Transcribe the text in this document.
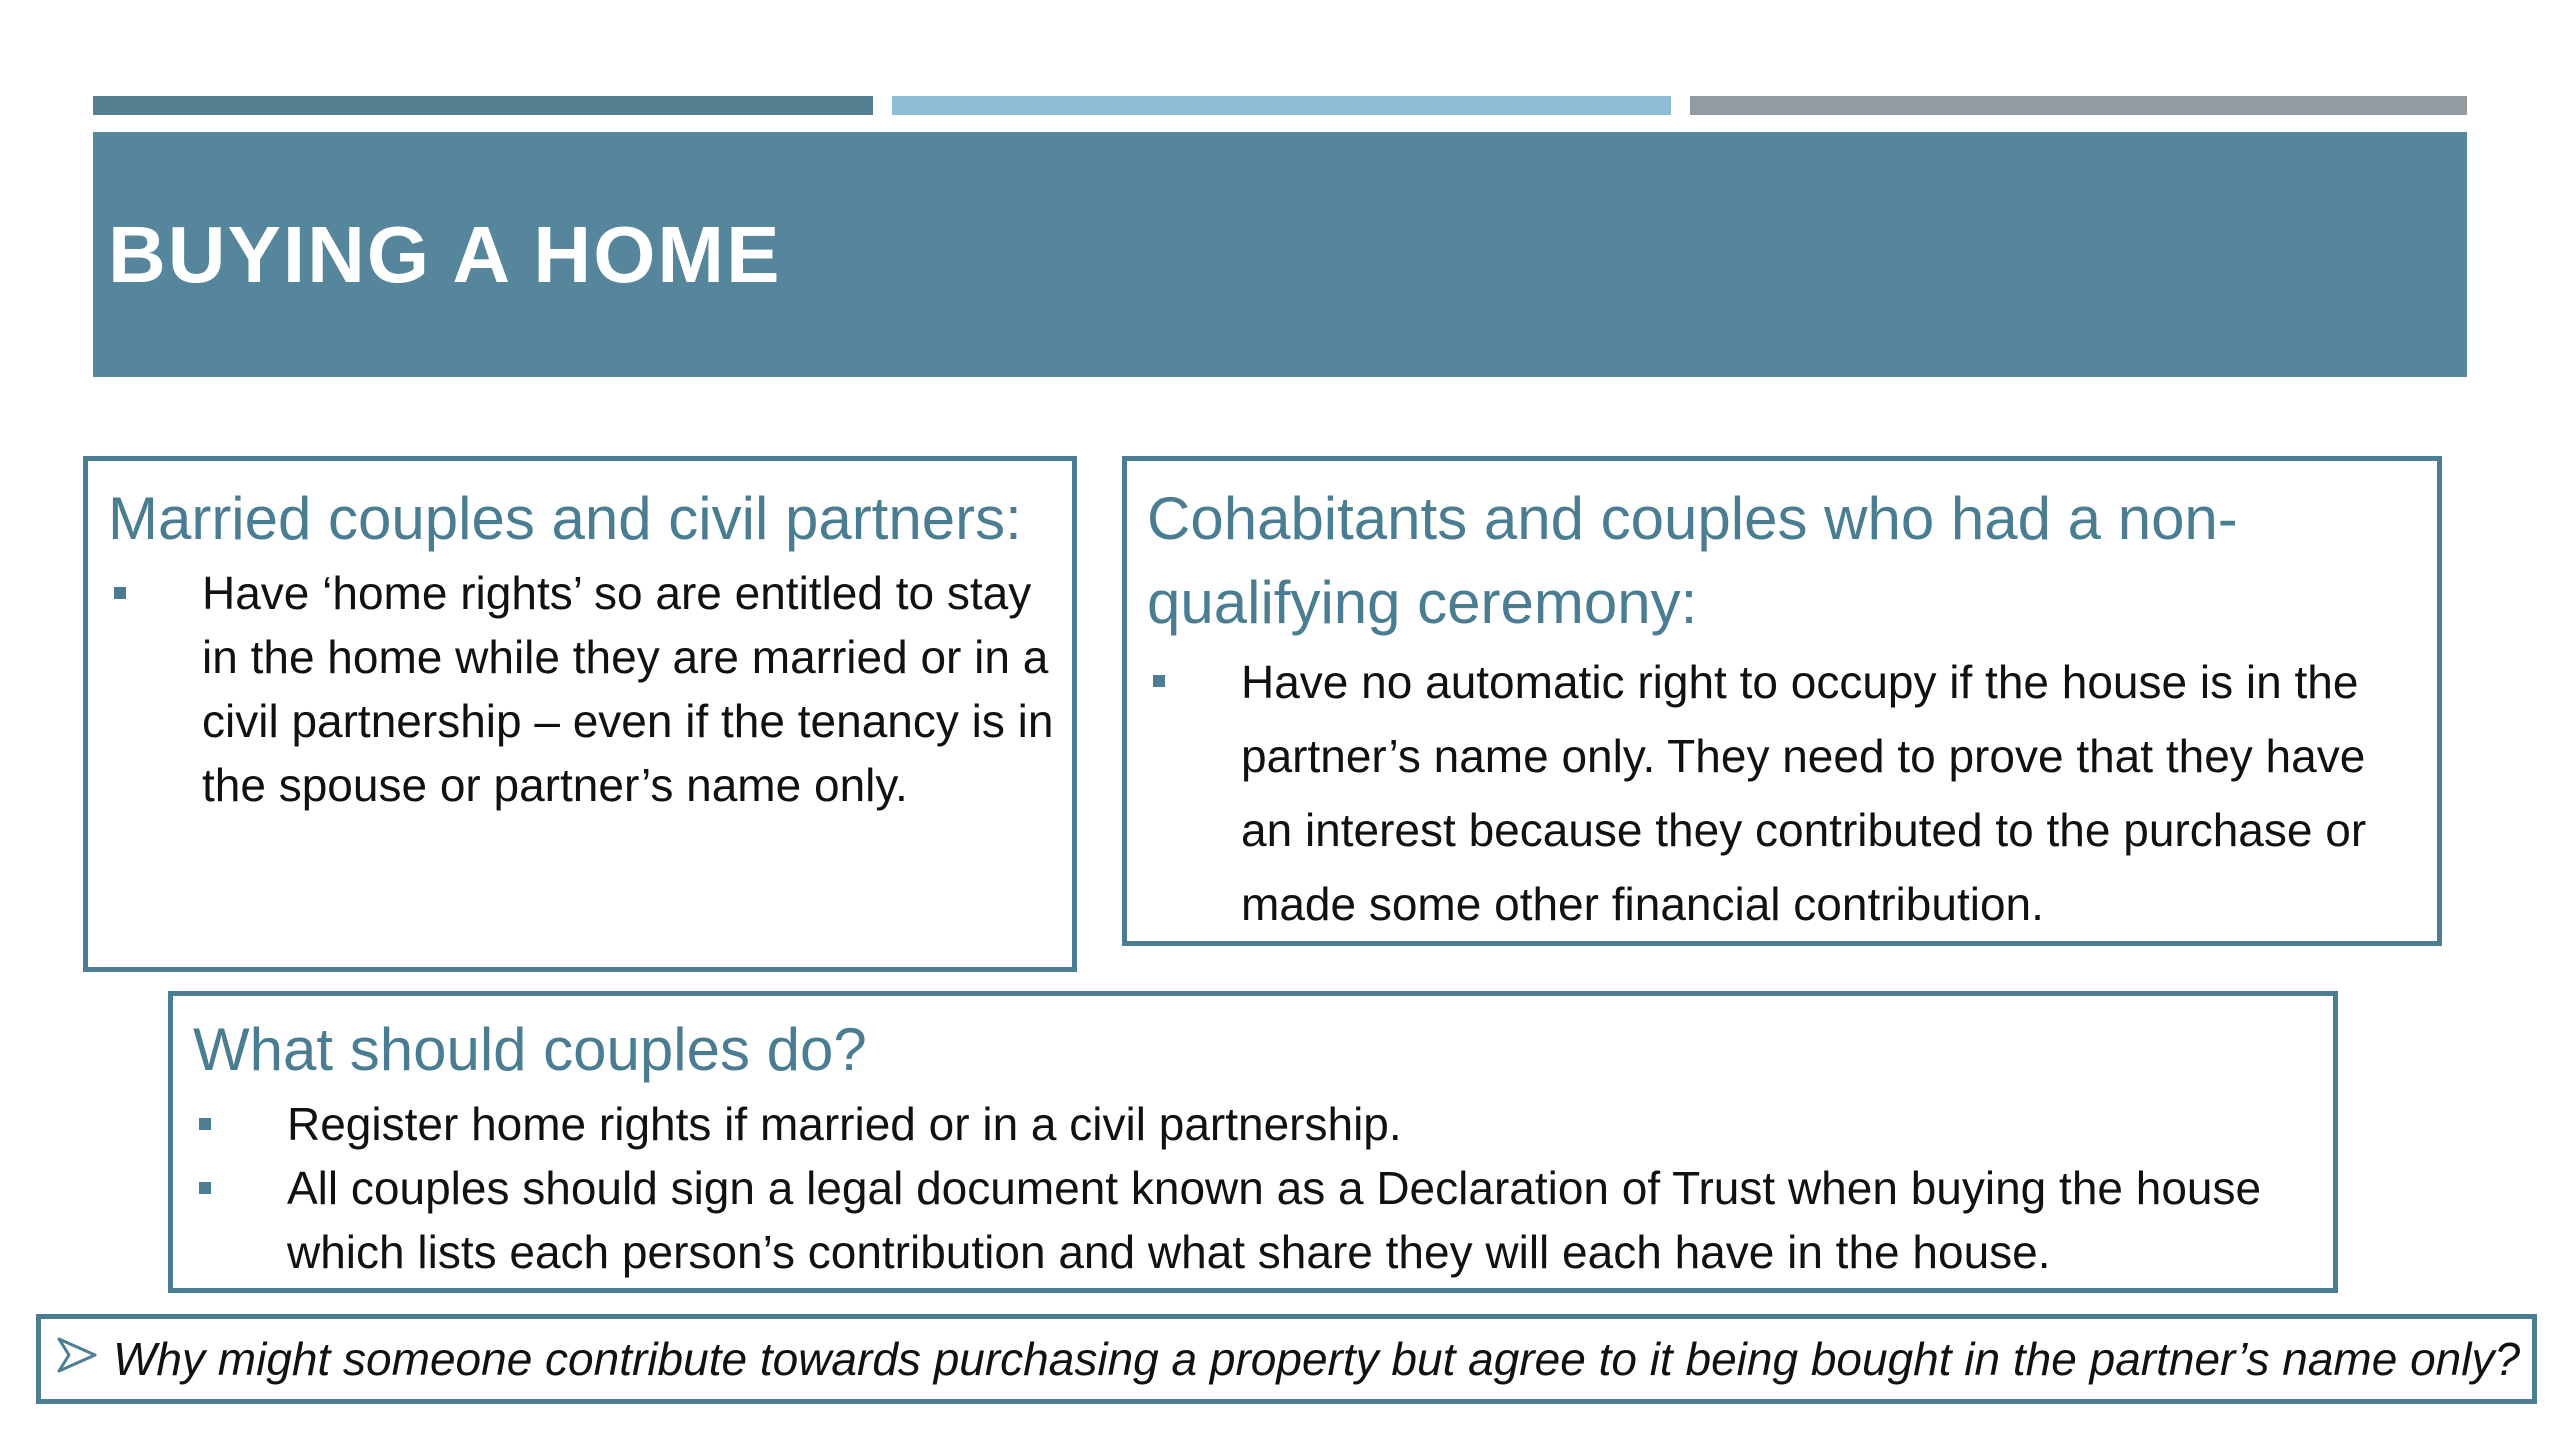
BUYING A HOME
Married couples and civil partners:
Have ‘home rights’ so are entitled to stay in the home while they are married or in a civil partnership – even if the tenancy is in the spouse or partner’s name only.
Cohabitants and couples who had a non-qualifying ceremony:
Have no automatic right to occupy if the house is in the partner’s name only. They need to prove that they have an interest because they contributed to the purchase or made some other financial contribution.
What should couples do?
Register home rights if married or in a civil partnership.
All couples should sign a legal document known as a Declaration of Trust when buying the house which lists each person’s contribution and what share they will each have in the house.
Why might someone contribute towards purchasing a property but agree to it being bought in the partner’s name only?
